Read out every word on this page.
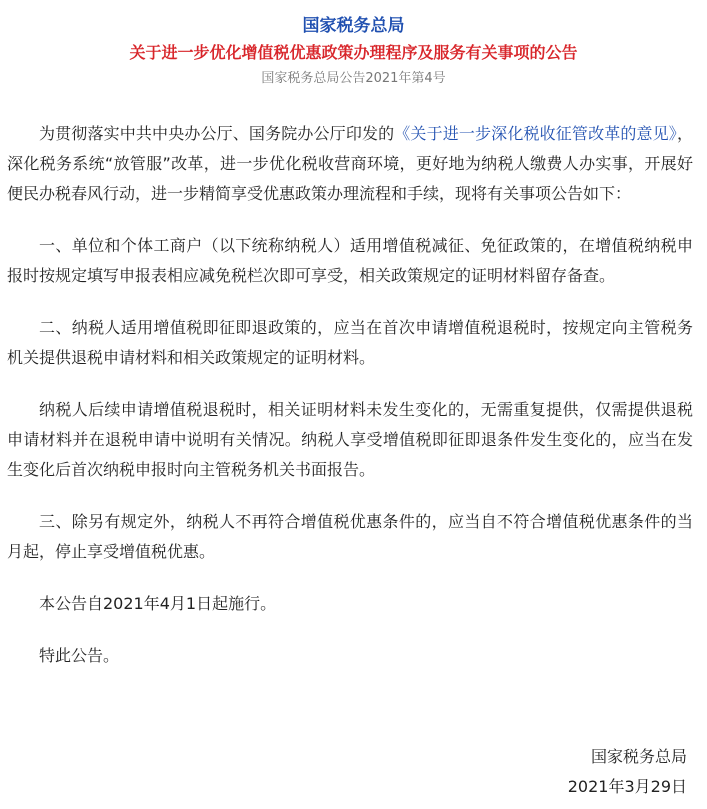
国家税务总局
关于进一步优化增值税优惠政策办理程序及服务有关事项的公告
国家税务总局公告2021年第4号

为贯彻落实中共中央办公厅、国务院办公厅印发的《关于进一步深化税收征管改革的意见》，深化税务系统“放管服”改革，进一步优化税收营商环境，更好地为纳税人缴费人办实事，开展好便民办税春风行动，进一步精简享受优惠政策办理流程和手续，现将有关事项公告如下：

一、单位和个体工商户（以下统称纳税人）适用增值税减征、免征政策的，在增值税纳税申报时按规定填写申报表相应减免税栏次即可享受，相关政策规定的证明材料留存备查。

二、纳税人适用增值税即征即退政策的，应当在首次申请增值税退税时，按规定向主管税务机关提供退税申请材料和相关政策规定的证明材料。

纳税人后续申请增值税退税时，相关证明材料未发生变化的，无需重复提供，仅需提供退税申请材料并在退税申请中说明有关情况。纳税人享受增值税即征即退条件发生变化的，应当在发生变化后首次纳税申报时向主管税务机关书面报告。

三、除另有规定外，纳税人不再符合增值税优惠条件的，应当自不符合增值税优惠条件的当月起，停止享受增值税优惠。

本公告自2021年4月1日起施行。

特此公告。

国家税务总局
2021年3月29日
